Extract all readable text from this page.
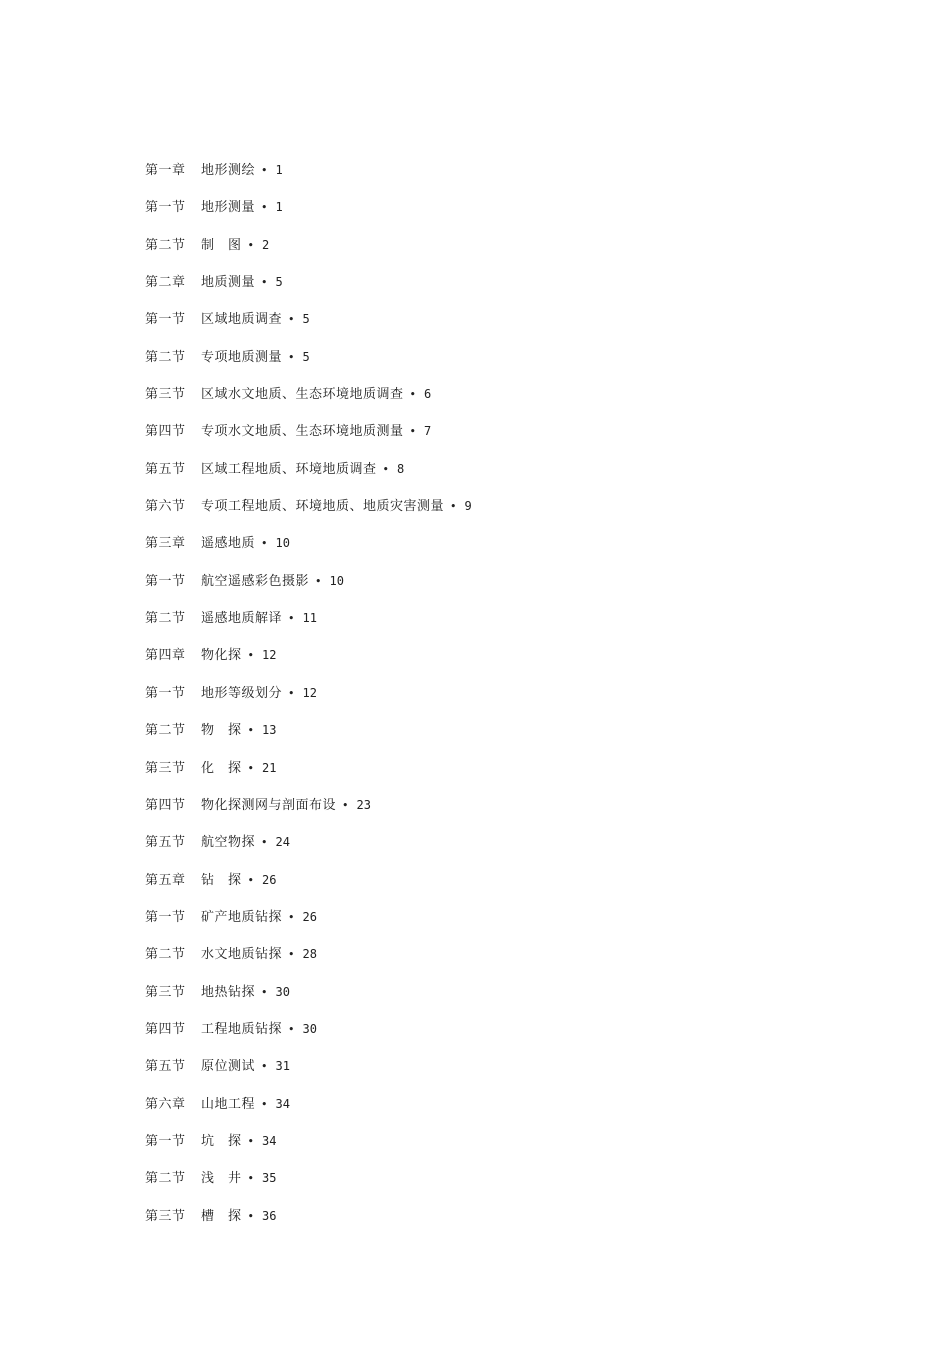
第一章	地形测绘 • 1
第一节	地形测量 • 1
第二节	制　图 • 2
第二章	地质测量 • 5
第一节	区域地质调查 • 5
第二节	专项地质测量 • 5
第三节	区域水文地质、生态环境地质调查 • 6
第四节	专项水文地质、生态环境地质测量 • 7
第五节	区域工程地质、环境地质调查 • 8
第六节	专项工程地质、环境地质、地质灾害测量 • 9
第三章	遥感地质 • 10
第一节	航空遥感彩色摄影 • 10
第二节	遥感地质解译 • 11
第四章	物化探 • 12
第一节	地形等级划分 • 12
第二节	物　探 • 13
第三节	化　探 • 21
第四节	物化探测网与剖面布设 • 23
第五节	航空物探 • 24
第五章	钻　探 • 26
第一节	矿产地质钻探 • 26
第二节	水文地质钻探 • 28
第三节	地热钻探 • 30
第四节	工程地质钻探 • 30
第五节	原位测试 • 31
第六章	山地工程 • 34
第一节	坑　探 • 34
第二节	浅　井 • 35
第三节	槽　探 • 36
